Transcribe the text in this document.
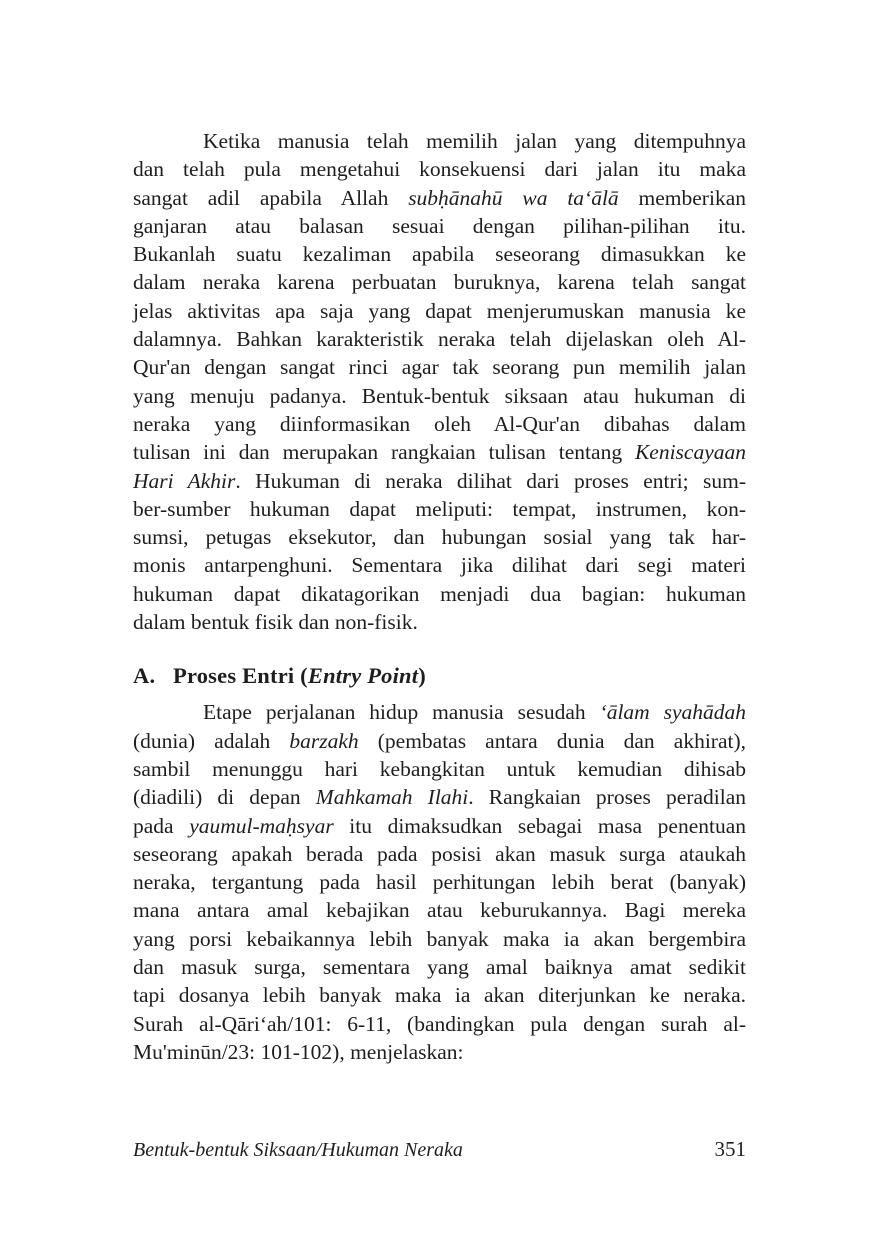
Ketika manusia telah memilih jalan yang ditempuhnya
dan telah pula mengetahui konsekuensi dari jalan itu maka
sangat adil apabila Allah subḥānahū wa ta‘ālā memberikan
ganjaran atau balasan sesuai dengan pilihan-pilihan itu.
Bukanlah suatu kezaliman apabila seseorang dimasukkan ke
dalam neraka karena perbuatan buruknya, karena telah sangat
jelas aktivitas apa saja yang dapat menjerumuskan manusia ke
dalamnya. Bahkan karakteristik neraka telah dijelaskan oleh Al-
Qur'an dengan sangat rinci agar tak seorang pun memilih jalan
yang menuju padanya. Bentuk-bentuk siksaan atau hukuman di
neraka yang diinformasikan oleh Al-Qur'an dibahas dalam
tulisan ini dan merupakan rangkaian tulisan tentang Keniscayaan
Hari Akhir. Hukuman di neraka dilihat dari proses entri; sum-
ber-sumber hukuman dapat meliputi: tempat, instrumen, kon-
sumsi, petugas eksekutor, dan hubungan sosial yang tak har-
monis antarpenghuni. Sementara jika dilihat dari segi materi
hukuman dapat dikatagorikan menjadi dua bagian: hukuman
dalam bentuk fisik dan non-fisik.
A. Proses Entri (Entry Point)
Etape perjalanan hidup manusia sesudah ‘ālam syahādah
(dunia) adalah barzakh (pembatas antara dunia dan akhirat),
sambil menunggu hari kebangkitan untuk kemudian dihisab
(diadili) di depan Mahkamah Ilahi. Rangkaian proses peradilan
pada yaumul-maḥsyar itu dimaksudkan sebagai masa penentuan
seseorang apakah berada pada posisi akan masuk surga ataukah
neraka, tergantung pada hasil perhitungan lebih berat (banyak)
mana antara amal kebajikan atau keburukannya. Bagi mereka
yang porsi kebaikannya lebih banyak maka ia akan bergembira
dan masuk surga, sementara yang amal baiknya amat sedikit
tapi dosanya lebih banyak maka ia akan diterjunkan ke neraka.
Surah al-Qāri‘ah/101: 6-11, (bandingkan pula dengan surah al-
Mu'minūn/23: 101-102), menjelaskan:
Bentuk-bentuk Siksaan/Hukuman Neraka	351
